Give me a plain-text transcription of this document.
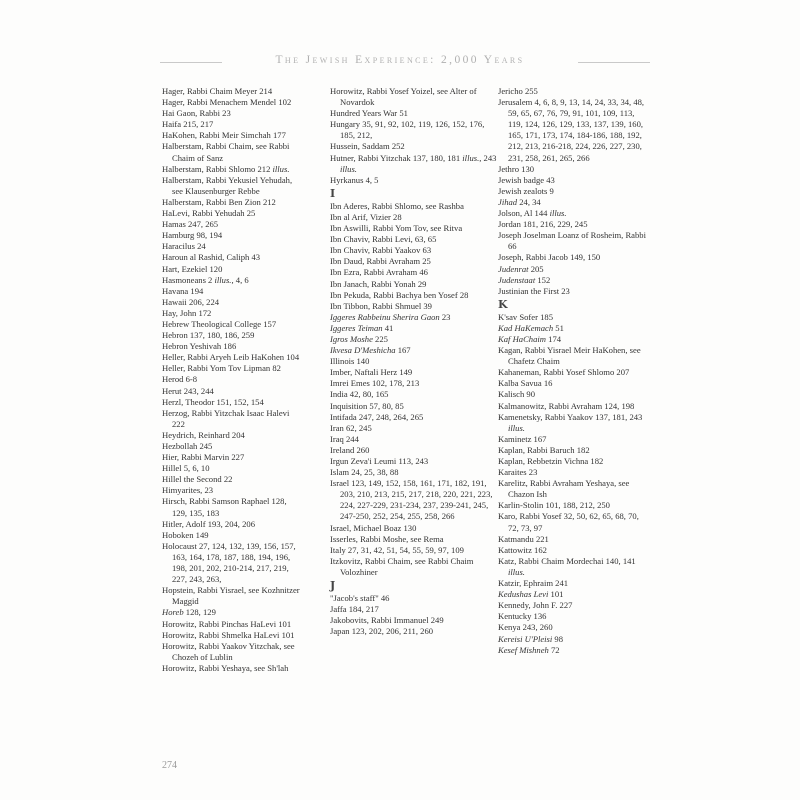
The Jewish Experience: 2,000 Years
Hager, Rabbi Chaim Meyer 214
Hager, Rabbi Menachem Mendel 102
Hai Gaon, Rabbi 23
Haifa 215, 217
HaKohen, Rabbi Meir Simchah 177
Halberstam, Rabbi Chaim, see Rabbi Chaim of Sanz
Halberstam, Rabbi Shlomo 212 illus.
Halberstam, Rabbi Yekusiel Yehudah, see Klausenburger Rebbe
Halberstam, Rabbi Ben Zion 212
HaLevi, Rabbi Yehudah 25
Hamas 247, 265
Hamburg 98, 194
Haracilus 24
Haroun al Rashid, Caliph 43
Hart, Ezekiel 120
Hasmoneans 2 illus., 4, 6
Havana 194
Hawaii 206, 224
Hay, John 172
Hebrew Theological College 157
Hebron 137, 180, 186, 259
Hebron Yeshivah 186
Heller, Rabbi Aryeh Leib HaKohen 104
Heller, Rabbi Yom Tov Lipman 82
Herod 6-8
Herut 243, 244
Herzl, Theodor 151, 152, 154
Herzog, Rabbi Yitzchak Isaac Halevi 222
Heydrich, Reinhard 204
Hezbollah 245
Hier, Rabbi Marvin 227
Hillel 5, 6, 10
Hillel the Second 22
Himyarites, 23
Hirsch, Rabbi Samson Raphael 128, 129, 135, 183
Hitler, Adolf 193, 204, 206
Hoboken 149
Holocaust 27, 124, 132, 139, 156, 157, 163, 164, 178, 187, 188, 194, 196, 198, 201, 202, 210-214, 217, 219, 227, 243, 263,
Hopstein, Rabbi Yisrael, see Kozhnitzer Maggid
Horeb 128, 129
Horowitz, Rabbi Pinchas HaLevi 101
Horowitz, Rabbi Shmelka HaLevi 101
Horowitz, Rabbi Yaakov Yitzchak, see Chozeh of Lublin
Horowitz, Rabbi Yeshaya, see Sh'lah
Horowitz, Rabbi Yosef Yoizel, see Alter of Novardok
Hundred Years War 51
Hungary 35, 91, 92, 102, 119, 126, 152, 176, 185, 212,
Hussein, Saddam 252
Hutner, Rabbi Yitzchak 137, 180, 181 illus., 243 illus.
Hyrkanus 4, 5
I
Ibn Aderes, Rabbi Shlomo, see Rashba
Ibn al Arif, Vizier 28
Ibn Aswilli, Rabbi Yom Tov, see Ritva
Ibn Chaviv, Rabbi Levi, 63, 65
Ibn Chaviv, Rabbi Yaakov 63
Ibn Daud, Rabbi Avraham 25
Ibn Ezra, Rabbi Avraham 46
Ibn Janach, Rabbi Yonah 29
Ibn Pekuda, Rabbi Bachya ben Yosef 28
Ibn Tibbon, Rabbi Shmuel 39
Iggeres Rabbeinu Sherira Gaon 23
Iggeres Teiman 41
Igros Moshe 225
Ikvesa D'Meshicha 167
Illinois 140
Imber, Naftali Herz 149
Imrei Emes 102, 178, 213
India 42, 80, 165
Inquisition 57, 80, 85
Intifada 247, 248, 264, 265
Iran 62, 245
Iraq 244
Ireland 260
Irgun Zeva'i Leumi 113, 243
Islam 24, 25, 38, 88
Israel 123, 149, 152, 158, 161, 171, 182, 191, 203, 210, 213, 215, 217, 218, 220, 221, 223, 224, 227-229, 231-234, 237, 239-241, 245, 247-250, 252, 254, 255, 258, 266
Israel, Michael Boaz 130
Isserles, Rabbi Moshe, see Rema
Italy 27, 31, 42, 51, 54, 55, 59, 97, 109
Itzkovitz, Rabbi Chaim, see Rabbi Chaim Volozhiner
J
"Jacob's staff" 46
Jaffa 184, 217
Jakobovits, Rabbi Immanuel 249
Japan 123, 202, 206, 211, 260
Jericho 255
Jerusalem 4, 6, 8, 9, 13, 14, 24, 33, 34, 48, 59, 65, 67, 76, 79, 91, 101, 109, 113, 119, 124, 126, 129, 133, 137, 139, 160, 165, 171, 173, 174, 184-186, 188, 192, 212, 213, 216-218, 224, 226, 227, 230, 231, 258, 261, 265, 266
Jethro 130
Jewish badge 43
Jewish zealots 9
Jihad 24, 34
Jolson, Al 144 illus.
Jordan 181, 216, 229, 245
Joseph Joselman Loanz of Rosheim, Rabbi 66
Joseph, Rabbi Jacob 149, 150
Judenrat 205
Judenstaat 152
Justinian the First 23
K
K'sav Sofer 185
Kad HaKemach 51
Kaf HaChaim 174
Kagan, Rabbi Yisrael Meir HaKohen, see Chafetz Chaim
Kahaneman, Rabbi Yosef Shlomo 207
Kalba Savua 16
Kalisch 90
Kalmanowitz, Rabbi Avraham 124, 198
Kamenetsky, Rabbi Yaakov 137, 181, 243 illus.
Kaminetz 167
Kaplan, Rabbi Baruch 182
Kaplan, Rebbetzin Vichna 182
Karaites 23
Karelitz, Rabbi Avraham Yeshaya, see Chazon Ish
Karlin-Stolin 101, 188, 212, 250
Karo, Rabbi Yosef 32, 50, 62, 65, 68, 70, 72, 73, 97
Katmandu 221
Kattowitz 162
Katz, Rabbi Chaim Mordechai 140, 141 illus.
Katzir, Ephraim 241
Kedushas Levi 101
Kennedy, John F. 227
Kentucky 136
Kenya 243, 260
Kereisi U'Pleisi 98
Kesef Mishneh 72
274
